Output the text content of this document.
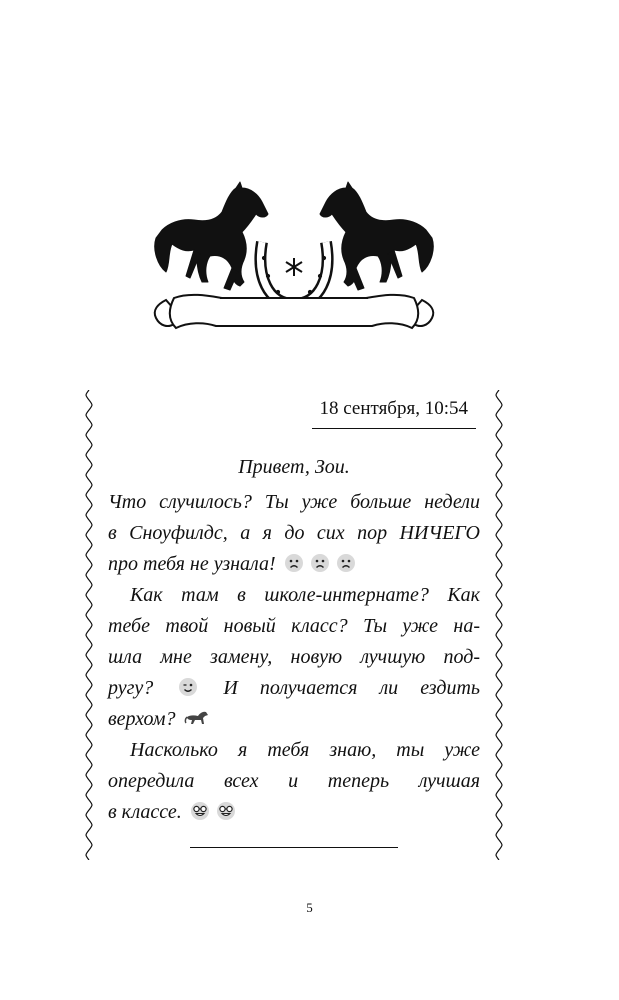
18 сентября, 10:54

Привет, Зои.

Что случилось? Ты уже больше недели
в Сноуфилдс, а я до сих пор НИЧЕГО
про тебя не узнала!

Как там в школе-интернате? Как
тебе твой новый класс? Ты уже на-
шла мне замену, новую лучшую под-
ругу?	И получается ли ездить
верхом?

Насколько я тебя знаю, ты уже
опередила всех и теперь лучшая
в классе.

5
